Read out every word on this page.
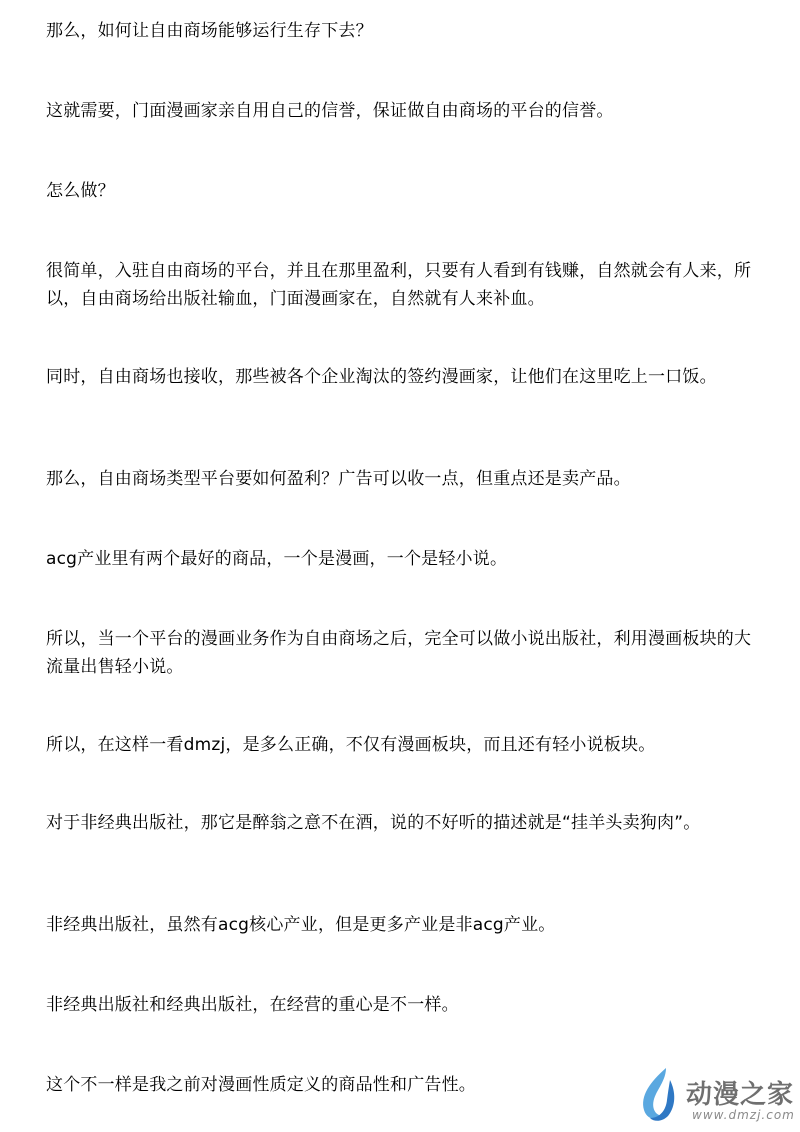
那么，如何让自由商场能够运行生存下去？

这就需要，门面漫画家亲自用自己的信誉，保证做自由商场的平台的信誉。

怎么做？

很简单，入驻自由商场的平台，并且在那里盈利，只要有人看到有钱赚，自然就会有人来，所以，自由商场给出版社输血，门面漫画家在，自然就有人来补血。

同时，自由商场也接收，那些被各个企业淘汰的签约漫画家，让他们在这里吃上一口饭。

那么，自由商场类型平台要如何盈利？广告可以收一点，但重点还是卖产品。

acg产业里有两个最好的商品，一个是漫画，一个是轻小说。

所以，当一个平台的漫画业务作为自由商场之后，完全可以做小说出版社，利用漫画板块的大流量出售轻小说。

所以，在这样一看dmzj，是多么正确，不仅有漫画板块，而且还有轻小说板块。

对于非经典出版社，那它是醉翁之意不在酒，说的不好听的描述就是“挂羊头卖狗肉”。

非经典出版社，虽然有acg核心产业，但是更多产业是非acg产业。

非经典出版社和经典出版社，在经营的重心是不一样。

这个不一样是我之前对漫画性质定义的商品性和广告性。	动漫之家
www.dmzj.com
